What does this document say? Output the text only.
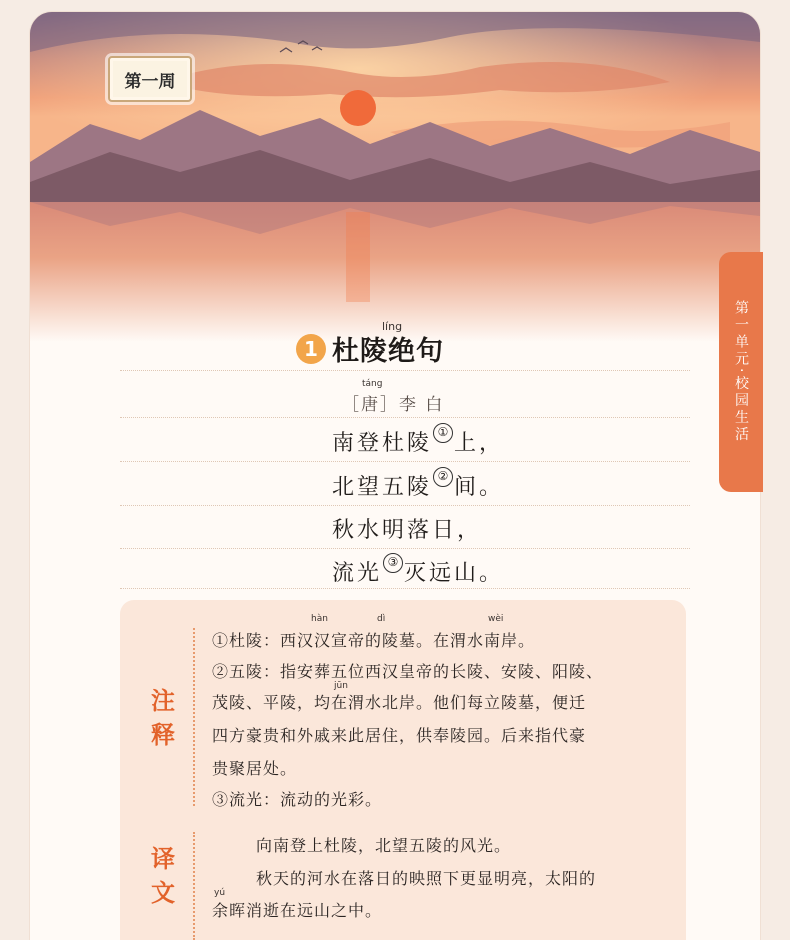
第一周
第一单元·校园生活
1 杜陵绝句
líng
táng
［唐］李 白
南登杜陵 ① 上，
北望五陵 ② 间。
秋水明落日，
流光 ③ 灭远山。
注释
hàn	dì	wèi
①杜陵：西汉汉宣帝的陵墓。在渭水南岸。
②五陵：指安葬五位西汉皇帝的长陵、安陵、阳陵、
jūn
茂陵、平陵，均在渭水北岸。他们每立陵墓，便迁
四方豪贵和外戚来此居住，供奉陵园。后来指代豪
贵聚居处。
③流光：流动的光彩。
译文
向南登上杜陵，北望五陵的风光。
秋天的河水在落日的映照下更显明亮，太阳的
yú
余晖消逝在远山之中。
